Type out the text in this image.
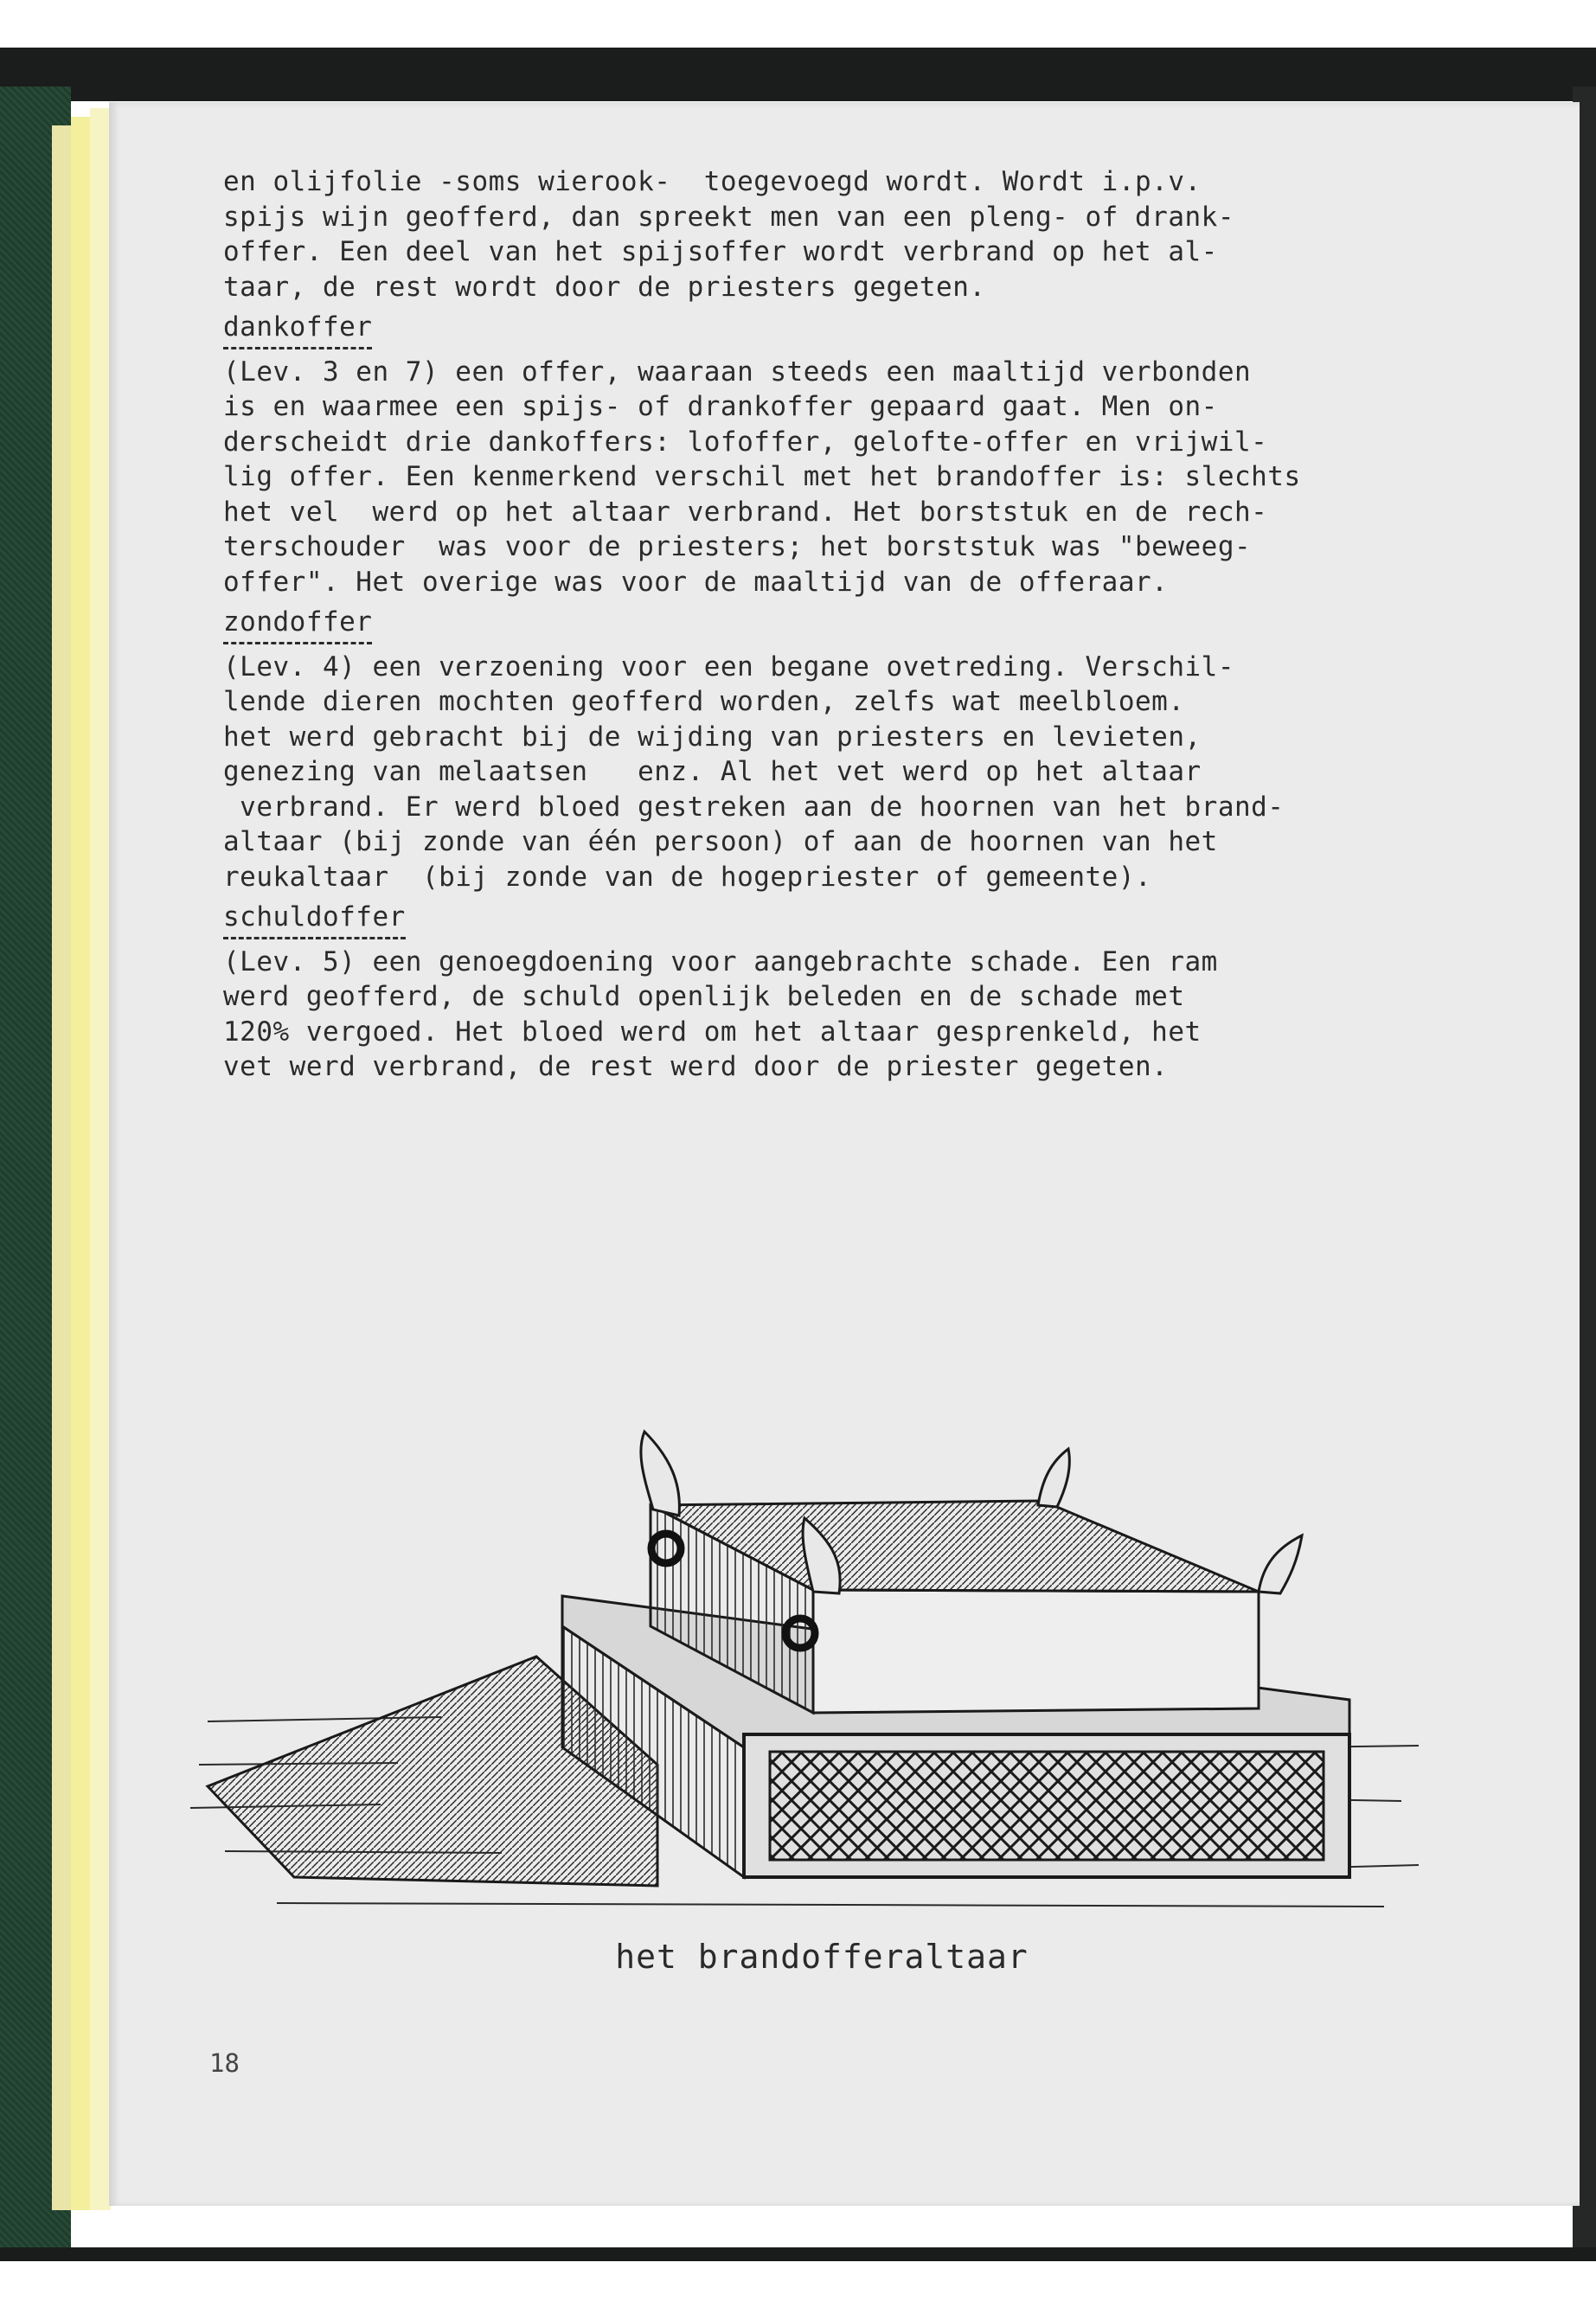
en olijfolie -soms wierook-  toegevoegd wordt. Wordt i.p.v.

spijs wijn geofferd, dan spreekt men van een pleng- of drank-

offer. Een deel van het spijsoffer wordt verbrand op het al-

taar, de rest wordt door de priesters gegeten.

dankoffer

(Lev. 3 en 7) een offer, waaraan steeds een maaltijd verbonden

is en waarmee een spijs- of drankoffer gepaard gaat. Men on-

derscheidt drie dankoffers: lofoffer, gelofte-offer en vrijwil-

lig offer. Een kenmerkend verschil met het brandoffer is: slechts

het vel  werd op het altaar verbrand. Het borststuk en de rech-

terschouder  was voor de priesters; het borststuk was "beweeg-

offer". Het overige was voor de maaltijd van de offeraar.

zondoffer

(Lev. 4) een verzoening voor een begane ovetreding. Verschil-

lende dieren mochten geofferd worden, zelfs wat meelbloem.

het werd gebracht bij de wijding van priesters en levieten,

genezing van melaatsen   enz. Al het vet werd op het altaar

verbrand. Er werd bloed gestreken aan de hoornen van het brand-

altaar (bij zonde van één persoon) of aan de hoornen van het

reukaltaar  (bij zonde van de hogepriester of gemeente).

schuldoffer

(Lev. 5) een genoegdoening voor aangebrachte schade. Een ram

werd geofferd, de schuld openlijk beleden en de schade met

120% vergoed. Het bloed werd om het altaar gesprenkeld, het

vet werd verbrand, de rest werd door de priester gegeten.

het brandofferaltaar
18
